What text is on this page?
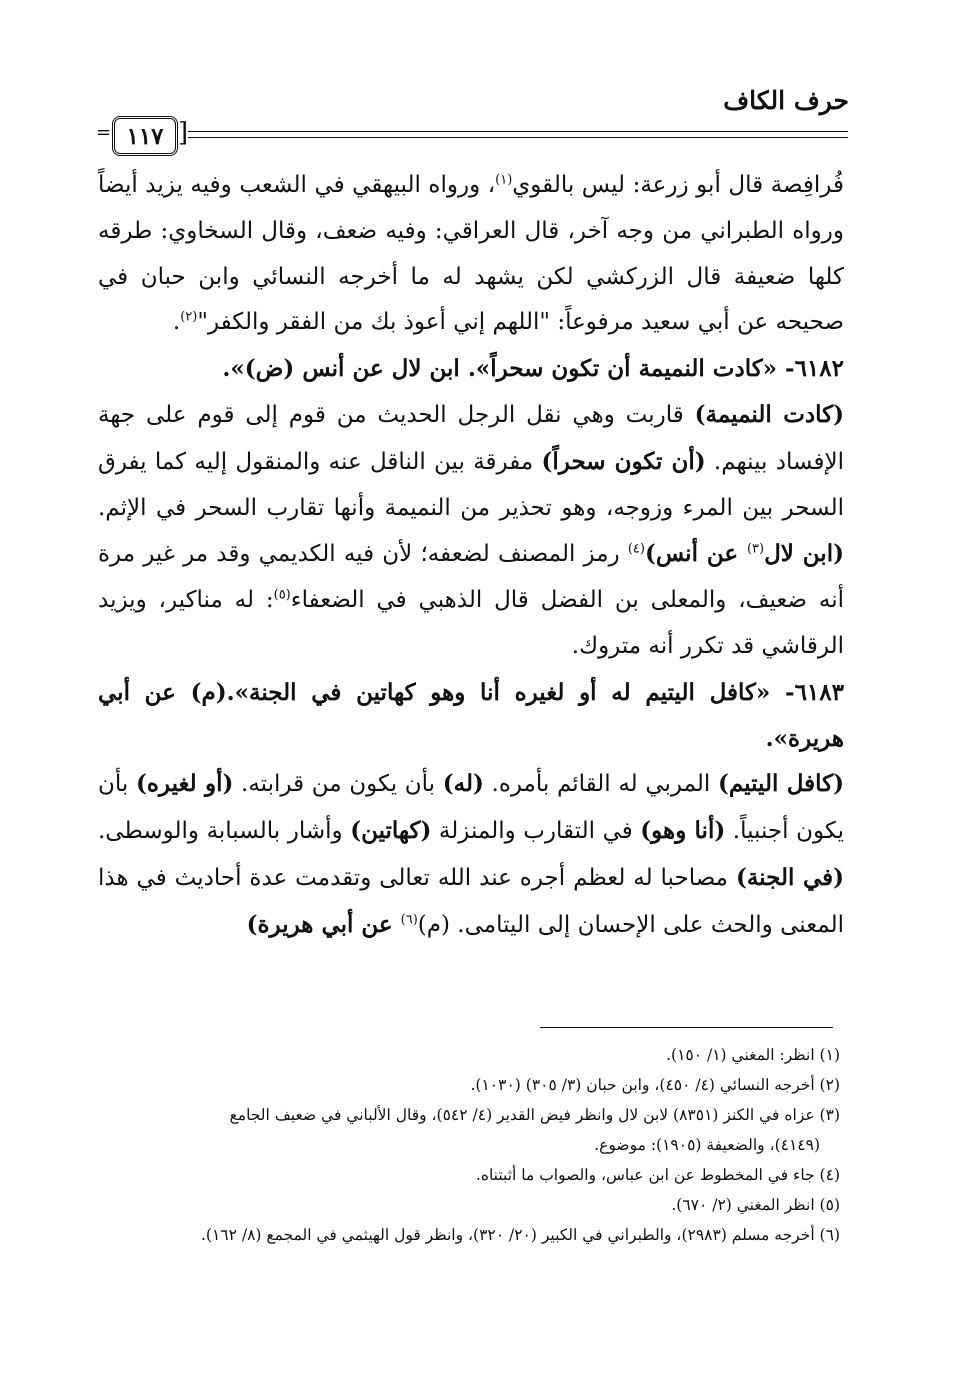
حرف الكاف
= ١١٧ ]

فُرافِصة قال أبو زرعة: ليس بالقوي$^{(١)}$، ورواه البيهقي في الشعب وفيه يزيد أيضاً ورواه الطبراني من وجه آخر، قال العراقي: وفيه ضعف، وقال السخاوي: طرقه كلها ضعيفة قال الزركشي لكن يشهد له ما أخرجه النسائي وابن حبان في صحيحه عن أبي سعيد مرفوعاً: "اللهم إني أعوذ بك من الفقر والكفر"$^{(٢)}$.

٦١٨٢- «كادت النميمة أن تكون سحراً». ابن لال عن أنس (ض)».

(كادت النميمة) قاربت وهي نقل الرجل الحديث من قوم إلى قوم على جهة الإفساد بينهم. (أن تكون سحراً) مفرقة بين الناقل عنه والمنقول إليه كما يفرق السحر بين المرء وزوجه، وهو تحذير من النميمة وأنها تقارب السحر في الإثم. (ابن لال$^{(٣)}$ عن أنس)$^{(٤)}$ رمز المصنف لضعفه؛ لأن فيه الكديمي وقد مر غير مرة أنه ضعيف، والمعلى بن الفضل قال الذهبي في الضعفاء$^{(٥)}$: له مناكير، ويزيد الرقاشي قد تكرر أنه متروك.

٦١٨٣- «كافل اليتيم له أو لغيره أنا وهو كهاتين في الجنة».(م) عن أبي هريرة».

(كافل اليتيم) المربي له القائم بأمره. (له) بأن يكون من قرابته. (أو لغيره) بأن يكون أجنبياً. (أنا وهو) في التقارب والمنزلة (كهاتين) وأشار بالسبابة والوسطى. (في الجنة) مصاحبا له لعظم أجره عند الله تعالى وتقدمت عدة أحاديث في هذا المعنى والحث على الإحسان إلى اليتامى. (م)$^{(٦)}$ عن أبي هريرة)

(١) انظر: المغني (١/ ١٥٠).

(٢) أخرجه النسائي (٤/ ٤٥٠)، وابن حبان (٣/ ٣٠٥) (١٠٣٠).

(٣) عزاه في الكنز (٨٣٥١) لابن لال وانظر فيض القدير (٤/ ٥٤٢)، وقال الألباني في ضعيف الجامع

(٤١٤٩)، والضعيفة (١٩٠٥): موضوع.

(٤) جاء في المخطوط عن ابن عباس، والصواب ما أثبتناه.

(٥) انظر المغني (٢/ ٦٧٠).

(٦) أخرجه مسلم (٢٩٨٣)، والطبراني في الكبير (٢٠/ ٣٢٠)، وانظر قول الهيثمي في المجمع (٨/ ١٦٢).
